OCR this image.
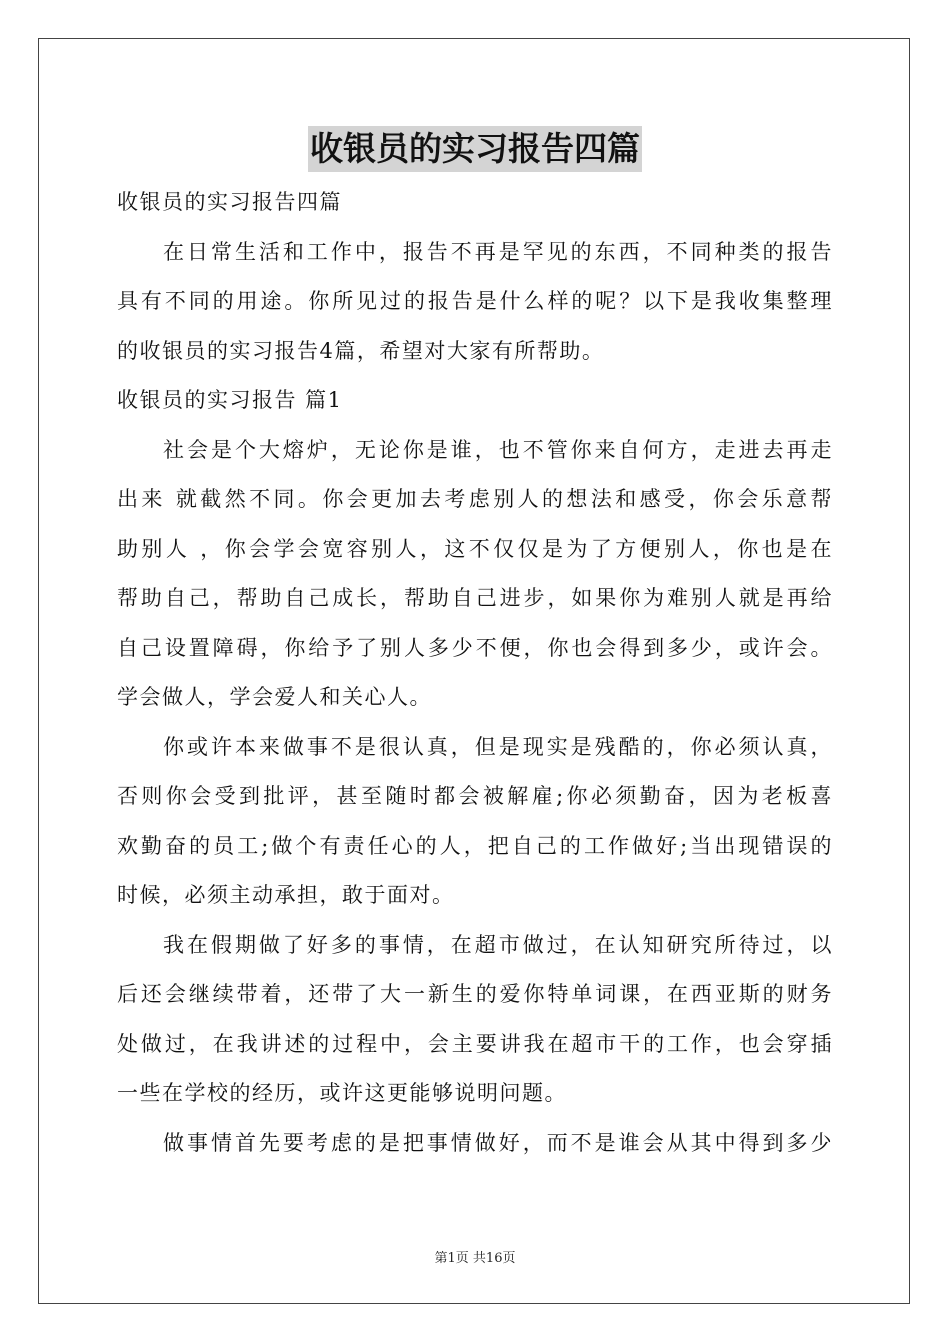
收银员的实习报告四篇
收银员的实习报告四篇
在日常生活和工作中，报告不再是罕见的东西，不同种类的报告
具有不同的用途。你所见过的报告是什么样的呢？以下是我收集整理
的收银员的实习报告4篇，希望对大家有所帮助。
收银员的实习报告 篇1
社会是个大熔炉，无论你是谁，也不管你来自何方，走进去再走
出来 就截然不同。你会更加去考虑别人的想法和感受，你会乐意帮
助别人 ，你会学会宽容别人，这不仅仅是为了方便别人，你也是在
帮助自己，帮助自己成长，帮助自己进步，如果你为难别人就是再给
自己设置障碍，你给予了别人多少不便，你也会得到多少，或许会。
学会做人，学会爱人和关心人。
你或许本来做事不是很认真，但是现实是残酷的，你必须认真，
否则你会受到批评，甚至随时都会被解雇;你必须勤奋，因为老板喜
欢勤奋的员工;做个有责任心的人，把自己的工作做好;当出现错误的
时候，必须主动承担，敢于面对。
我在假期做了好多的事情，在超市做过，在认知研究所待过，以
后还会继续带着，还带了大一新生的爱你特单词课，在西亚斯的财务
处做过，在我讲述的过程中，会主要讲我在超市干的工作，也会穿插
一些在学校的经历，或许这更能够说明问题。
做事情首先要考虑的是把事情做好，而不是谁会从其中得到多少
第1页 共16页
